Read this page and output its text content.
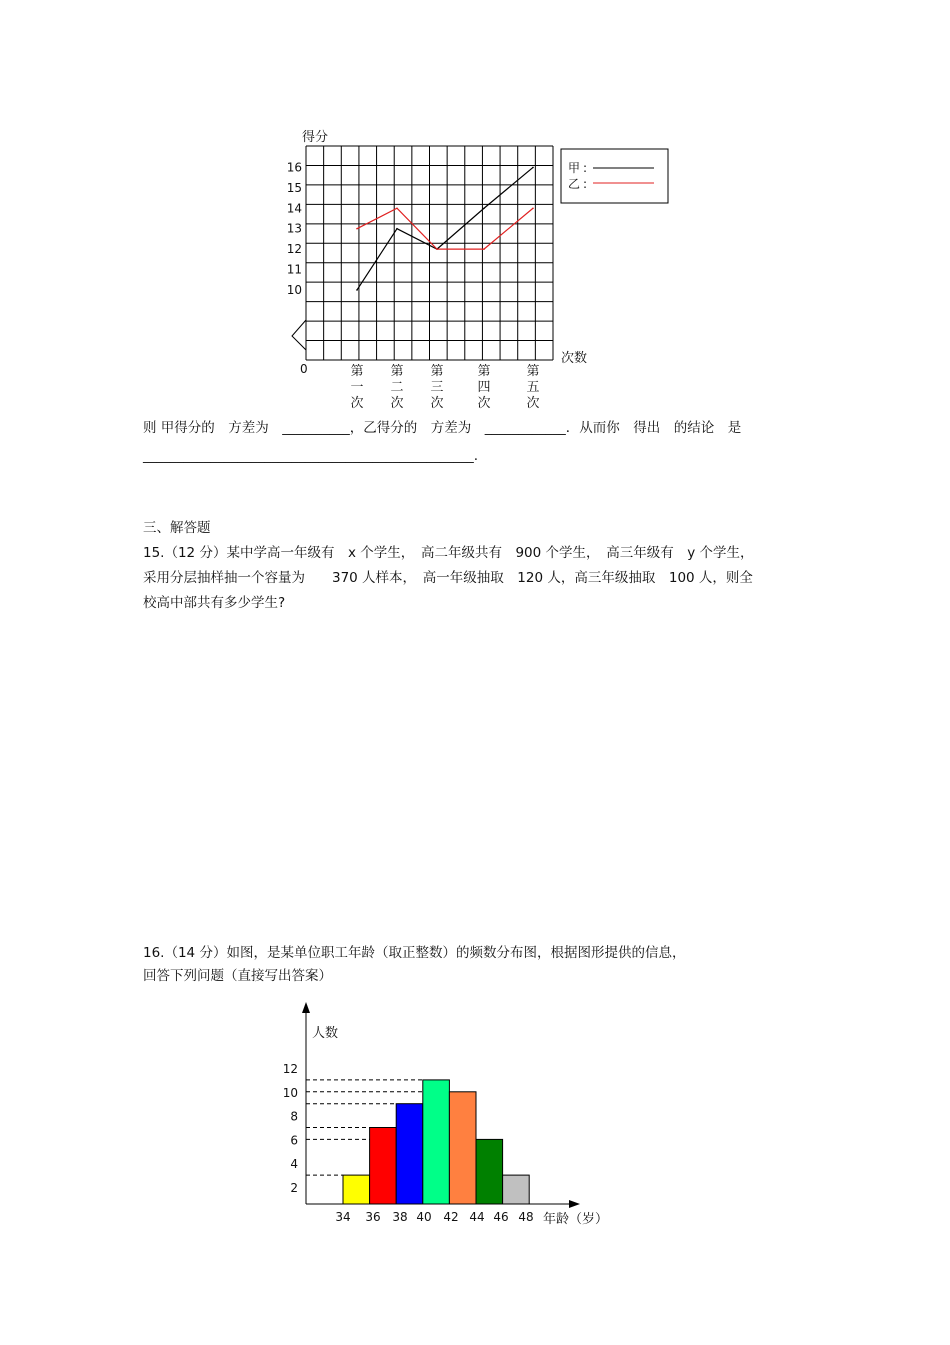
得分
次数
0
10
11
12
13
14
15
16
第
一
次
第
二
次
第
三
次
第
四
次
第
五
次
甲 :
乙 :
则 甲得分的　方差为　__________，乙得分的　方差为　____________．从而你　得出　的结论　是
_________________________________________________.
三、解答题
15.（12 分）某中学高一年级有　x 个学生，　高二年级共有　900 个学生，　高三年级有　y 个学生，
采用分层抽样抽一个容量为　　370 人样本，　高一年级抽取　120 人，高三年级抽取　100 人，则全
校高中部共有多少学生?
16.（14 分）如图，是某单位职工年龄（取正整数）的频数分布图，根据图形提供的信息，
回答下列问题（直接写出答案）
人数
年龄（岁）
2
4
6
8
10
12
34 36 38 40 42 44 46 48
